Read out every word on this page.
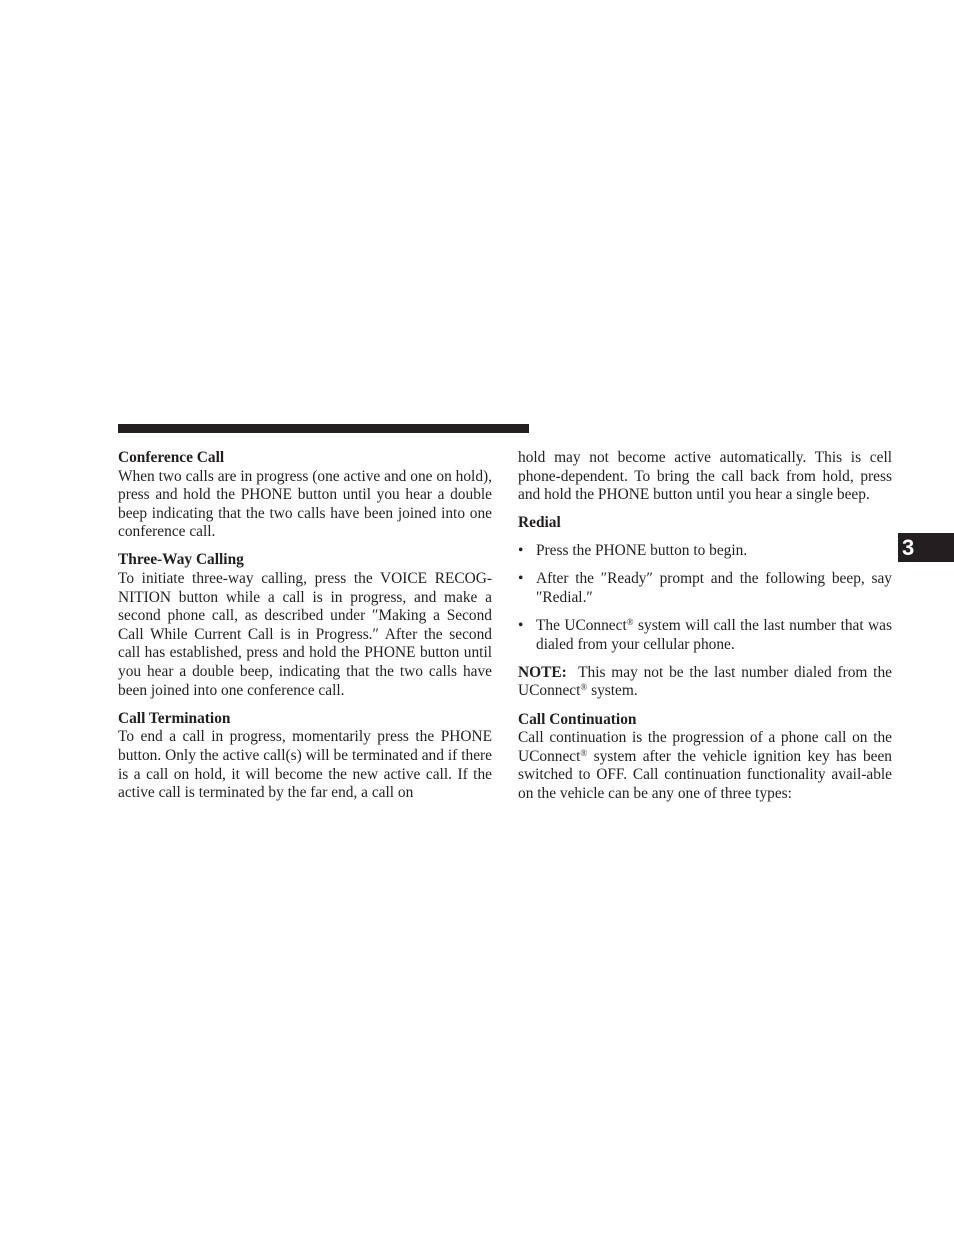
Conference Call

When two calls are in progress (one active and one on hold), press and hold the PHONE button until you hear a double beep indicating that the two calls have been joined into one conference call.

Three-Way Calling

To initiate three-way calling, press the VOICE RECOG-NITION button while a call is in progress, and make a second phone call, as described under ″Making a Second Call While Current Call is in Progress.″ After the second call has established, press and hold the PHONE button until you hear a double beep, indicating that the two calls have been joined into one conference call.

Call Termination

To end a call in progress, momentarily press the PHONE button. Only the active call(s) will be terminated and if there is a call on hold, it will become the new active call. If the active call is terminated by the far end, a call on

hold may not become active automatically. This is cell phone-dependent. To bring the call back from hold, press and hold the PHONE button until you hear a single beep.

Redial

• Press the PHONE button to begin.
• After the ″Ready″ prompt and the following beep, say ″Redial.″
• The UConnect® system will call the last number that was dialed from your cellular phone.

NOTE:  This may not be the last number dialed from the UConnect® system.

Call Continuation

Call continuation is the progression of a phone call on the UConnect® system after the vehicle ignition key has been switched to OFF. Call continuation functionality avail-able on the vehicle can be any one of three types:

3
